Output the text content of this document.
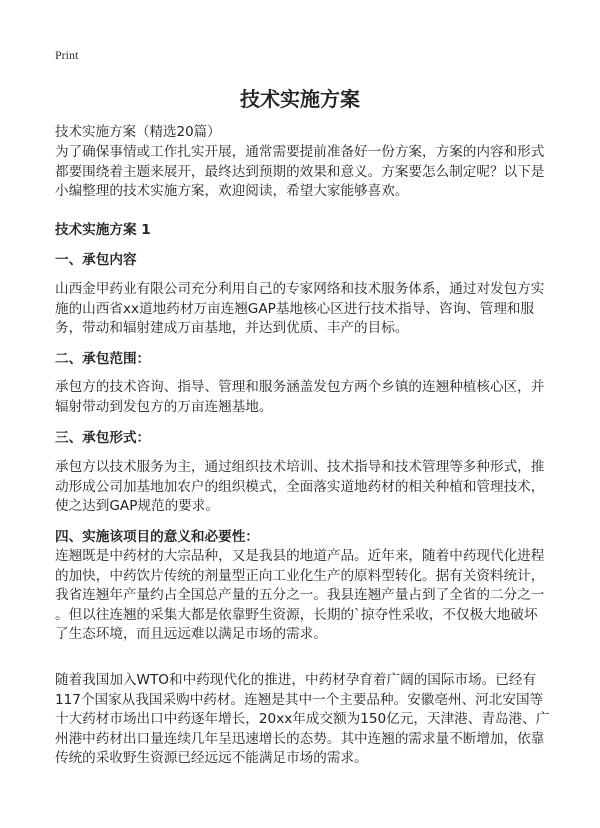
Print
技术实施方案
技术实施方案（精选20篇）
为了确保事情或工作扎实开展，通常需要提前准备好一份方案，方案的内容和形式
都要围绕着主题来展开，最终达到预期的效果和意义。方案要怎么制定呢？以下是
小编整理的技术实施方案，欢迎阅读，希望大家能够喜欢。
技术实施方案 1
一、承包内容
山西金甲药业有限公司充分利用自己的专家网络和技术服务体系，通过对发包方实
施的山西省xx道地药材万亩连翘GAP基地核心区进行技术指导、咨询、管理和服
务，带动和辐射建成万亩基地，并达到优质、丰产的目标。
二、承包范围：
承包方的技术咨询、指导、管理和服务涵盖发包方两个乡镇的连翘种植核心区，并
辐射带动到发包方的万亩连翘基地。
三、承包形式：
承包方以技术服务为主，通过组织技术培训、技术指导和技术管理等多种形式，推
动形成公司加基地加农户的组织模式，全面落实道地药材的相关种植和管理技术，
使之达到GAP规范的要求。
四、实施该项目的意义和必要性：
连翘既是中药材的大宗品种，又是我县的地道产品。近年来，随着中药现代化进程
的加快，中药饮片传统的剂量型正向工业化生产的原料型转化。据有关资料统计，
我省连翘年产量约占全国总产量的五分之一。我县连翘产量占到了全省的二分之一
。但以往连翘的采集大都是依靠野生资源，长期的`掠夺性采收，不仅极大地破坏
了生态环境，而且远远难以满足市场的需求。
随着我国加入WTO和中药现代化的推进，中药材孕育着广阔的国际市场。已经有
117个国家从我国采购中药材。连翘是其中一个主要品种。安徽亳州、河北安国等
十大药材市场出口中药逐年增长，20xx年成交额为150亿元，天津港、青岛港、广
州港中药材出口量连续几年呈迅速增长的态势。其中连翘的需求量不断增加，依靠
传统的采收野生资源已经远远不能满足市场的需求。
